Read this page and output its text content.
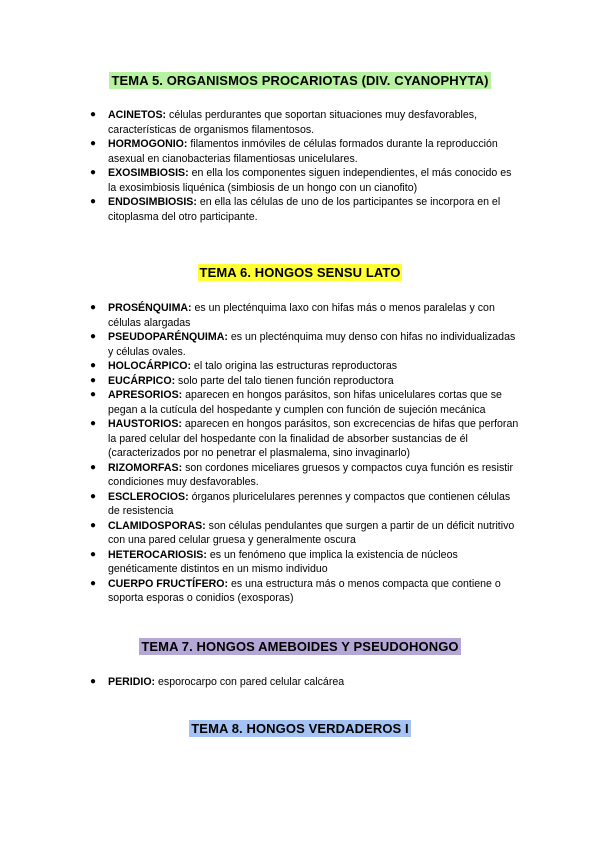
TEMA 5. ORGANISMOS PROCARIOTAS (DIV. CYANOPHYTA)
● ACINETOS: células perdurantes que soportan situaciones muy desfavorables, características de organismos filamentosos.
● HORMOGONIO: filamentos inmóviles de células formados durante la reproducción asexual en cianobacterias filamentiosas unicelulares.
● EXOSIMBIOSIS: en ella los componentes siguen independientes, el más conocido es la exosimbiosis liquénica (simbiosis de un hongo con un cianofito)
● ENDOSIMBIOSIS: en ella las células de uno de los participantes se incorpora en el citoplasma del otro participante.
TEMA 6. HONGOS SENSU LATO
● PROSÉNQUIMA: es un plecténquima laxo con hifas más o menos paralelas y con células alargadas
● PSEUDOPARÉNQUIMA: es un plecténquima muy denso con hifas no individualizadas y células ovales.
● HOLOCÁRPICO: el talo origina las estructuras reproductoras
● EUCÁRPICO: solo parte del talo tienen función reproductora
● APRESORIOS: aparecen en hongos parásitos, son hifas unicelulares cortas que se pegan a la cutícula del hospedante y cumplen con función de sujeción mecánica
● HAUSTORIOS: aparecen en hongos parásitos, son excrecencias de hifas que perforan la pared celular del hospedante con la finalidad de absorber sustancias de él (caracterizados por no penetrar el plasmalema, sino invaginarlo)
● RIZOMORFAS: son cordones miceliares gruesos y compactos cuya función es resistir condiciones muy desfavorables.
● ESCLEROCIOS: órganos pluricelulares perennes y compactos que contienen células de resistencia
● CLAMIDOSPORAS: son células pendulantes que surgen a partir de un déficit nutritivo con una pared celular gruesa y generalmente oscura
● HETEROCARIOSIS: es un fenómeno que implica la existencia de núcleos genéticamente distintos en un mismo individuo
● CUERPO FRUCTÍFERO: es una estructura más o menos compacta que contiene o soporta esporas o conidios (exosporas)
TEMA 7. HONGOS AMEBOIDES Y PSEUDOHONGO
● PERIDIO: esporocarpo con pared celular calcárea
TEMA 8. HONGOS VERDADEROS I
